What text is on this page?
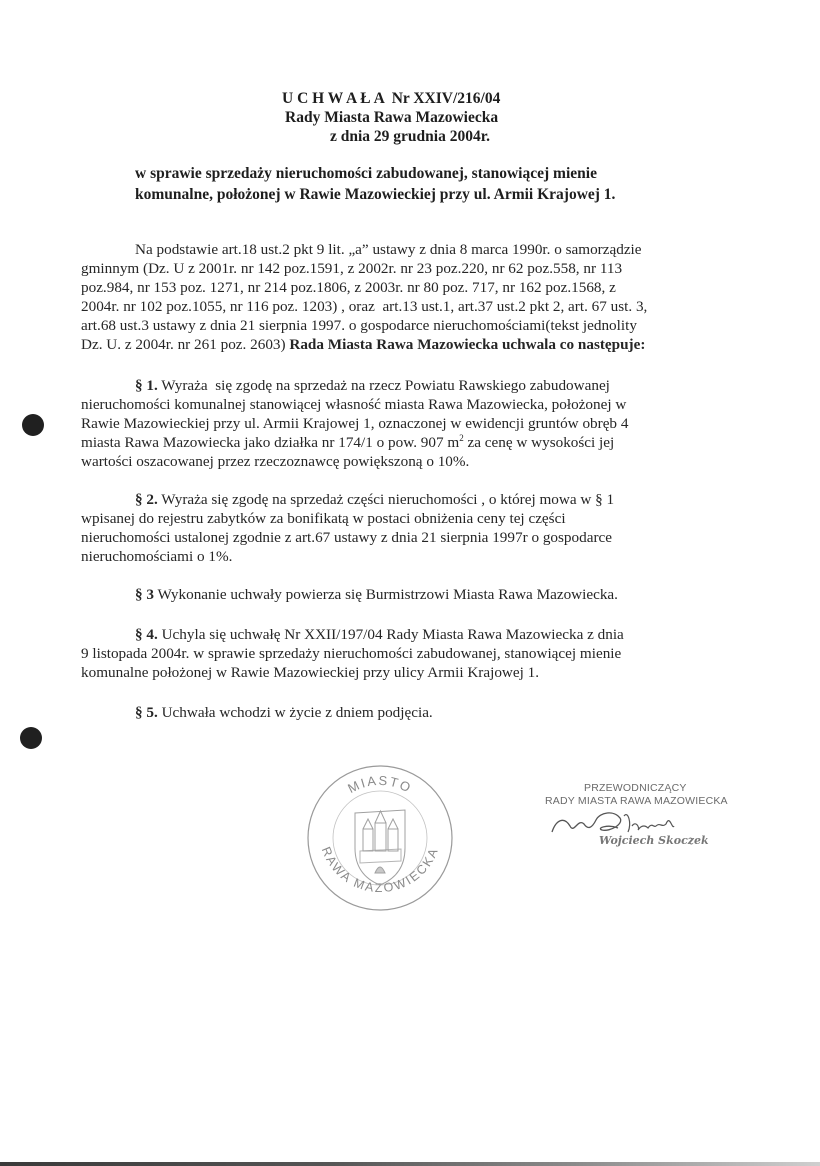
U C H W A Ł A  Nr XXIV/216/04
Rady Miasta Rawa Mazowiecka
z dnia 29 grudnia 2004r.
w sprawie sprzedaży nieruchomości zabudowanej, stanowiącej mienie
komunalne, położonej w Rawie Mazowieckiej przy ul. Armii Krajowej 1.
Na podstawie art.18 ust.2 pkt 9 lit. „a” ustawy z dnia 8 marca 1990r. o samorządzie
gminnym (Dz. U z 2001r. nr 142 poz.1591, z 2002r. nr 23 poz.220, nr 62 poz.558, nr 113
poz.984, nr 153 poz. 1271, nr 214 poz.1806, z 2003r. nr 80 poz. 717, nr 162 poz.1568, z
2004r. nr 102 poz.1055, nr 116 poz. 1203) , oraz  art.13 ust.1, art.37 ust.2 pkt 2, art. 67 ust. 3,
art.68 ust.3 ustawy z dnia 21 sierpnia 1997. o gospodarce nieruchomościami(tekst jednolity
Dz. U. z 2004r. nr 261 poz. 2603) Rada Miasta Rawa Mazowiecka uchwala co następuje:
§ 1. Wyraża  się zgodę na sprzedaż na rzecz Powiatu Rawskiego zabudowanej
nieruchomości komunalnej stanowiącej własność miasta Rawa Mazowiecka, położonej w
Rawie Mazowieckiej przy ul. Armii Krajowej 1, oznaczonej w ewidencji gruntów obręb 4
miasta Rawa Mazowiecka jako działka nr 174/1 o pow. 907 $m^2$ za cenę w wysokości jej
wartości oszacowanej przez rzeczoznawcę powiększoną o 10%.
§ 2. Wyraża się zgodę na sprzedaż części nieruchomości , o której mowa w § 1
wpisanej do rejestru zabytków za bonifikatą w postaci obniżenia ceny tej części
nieruchomości ustalonej zgodnie z art.67 ustawy z dnia 21 sierpnia 1997r o gospodarce
nieruchomościami o 1%.
§ 3 Wykonanie uchwały powierza się Burmistrzowi Miasta Rawa Mazowiecka.
§ 4. Uchyla się uchwałę Nr XXII/197/04 Rady Miasta Rawa Mazowiecka z dnia
9 listopada 2004r. w sprawie sprzedaży nieruchomości zabudowanej, stanowiącej mienie
komunalne położonej w Rawie Mazowieckiej przy ulicy Armii Krajowej 1.
§ 5. Uchwała wchodzi w życie z dniem podjęcia.
MIASTO
RAWA MAZOWIECKA
PRZEWODNICZĄCY
RADY MIASTA RAWA MAZOWIECKA
Wojciech Skoczek
